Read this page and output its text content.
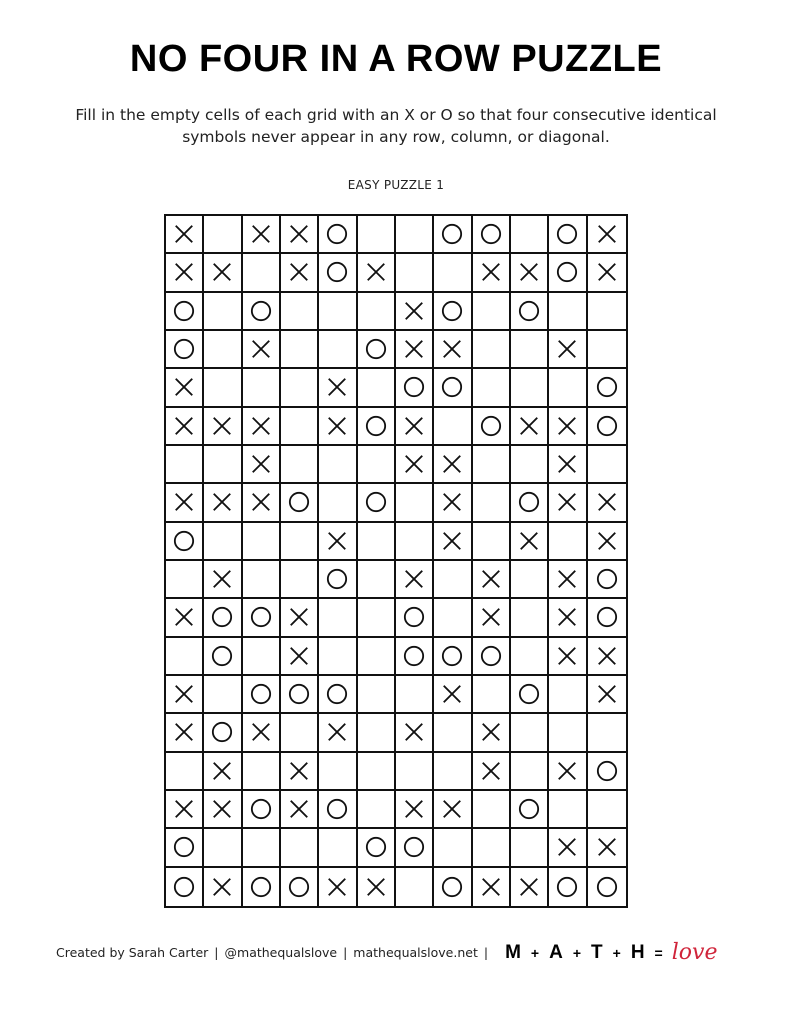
NO FOUR IN A ROW PUZZLE
Fill in the empty cells of each grid with an X or O so that four consecutive identical symbols never appear in any row, column, or diagonal.
EASY PUZZLE 1
Created by Sarah Carter | @mathequalslove | mathequalslove.net | M + A + T + H = love
